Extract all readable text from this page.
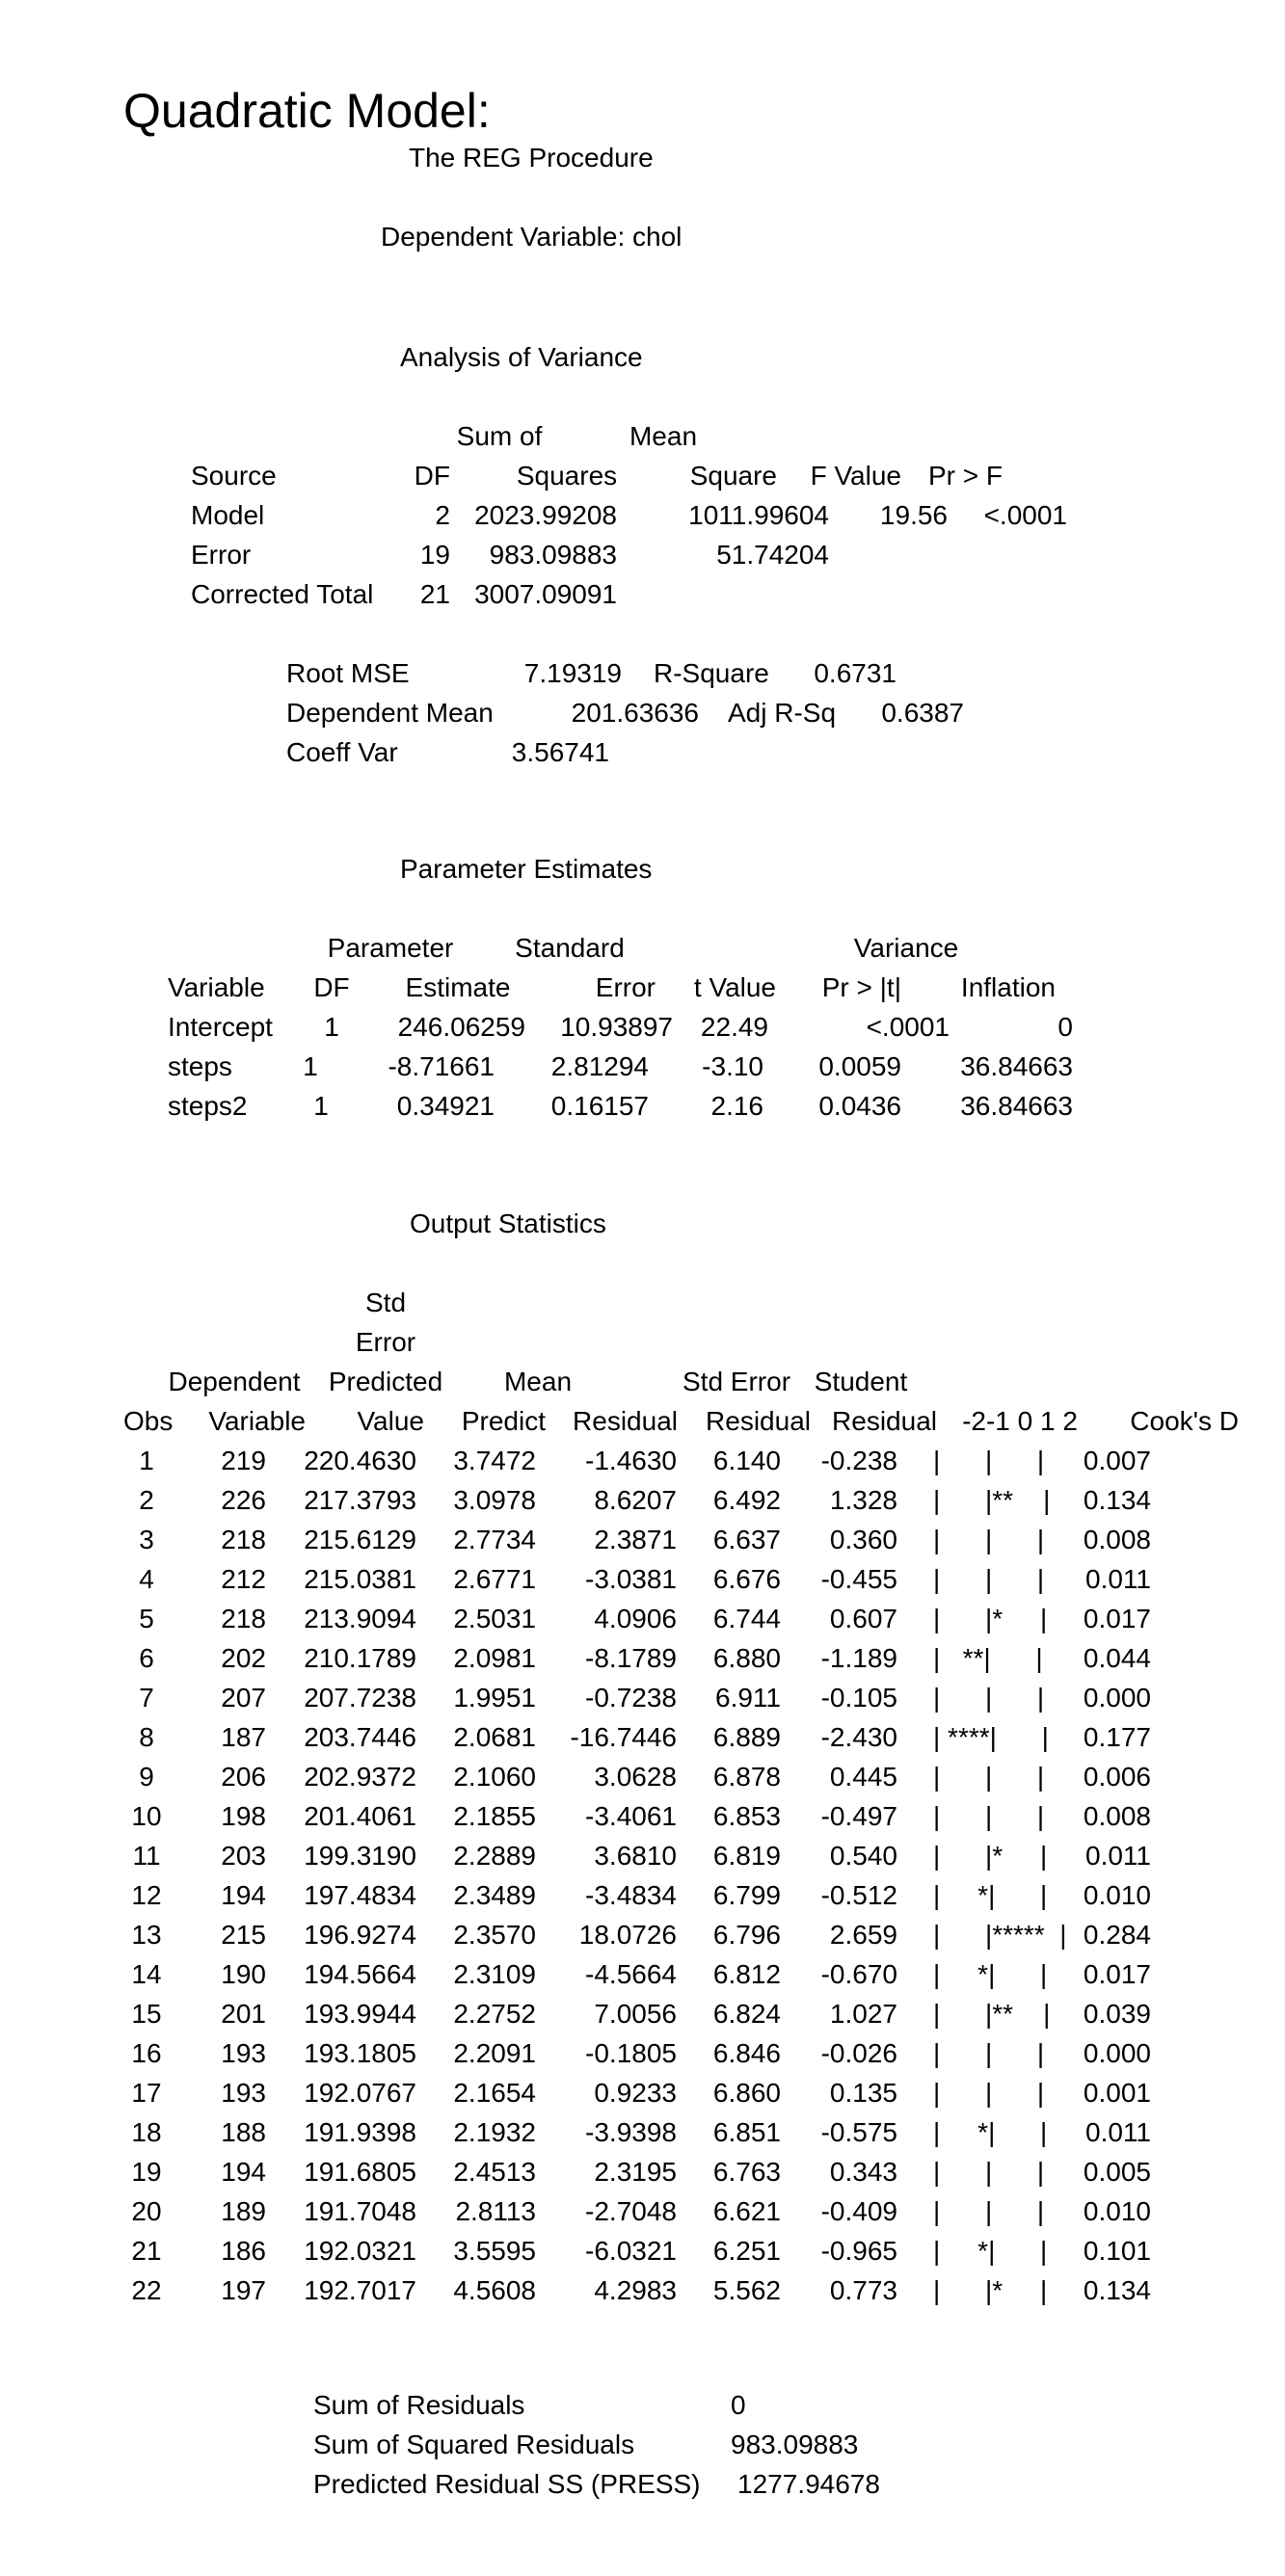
Quadratic Model:
The REG Procedure
Dependent Variable: chol
Analysis of Variance
Sum of	Mean
Source	DF Squares	Square F Value Pr > F
Model	2 2023.99208	1011.99604 19.56 <.0001
Error	19 983.09883	51.74204
Corrected Total 21 3007.09091
Root MSE	7.19319 R-Square 0.6731
Dependent Mean	201.63636 Adj R-Sq 0.6387
Coeff Var	3.56741
Parameter Estimates
Parameter Standard	Variance
Variable DF Estimate	Error t Value Pr > |t| Inflation
Intercept 1 246.06259 10.93897 22.49	<.0001	0
steps	1	-8.71661 2.81294 -3.10 0.0059 36.84663
steps2 1	0.34921 0.16157 2.16 0.0436 36.84663
Output Statistics
Std
Error
Dependent Predicted Mean	Std Error Student
Obs Variable Value Predict Residual Residual Residual -2-1 0 1 2 Cook's D
1 219 220.4630 3.7472 -1.4630 6.140 -0.238 |      |      | 0.007
2 226 217.3793 3.0978 8.6207 6.492 1.328 |      |**    | 0.134
3 218 215.6129 2.7734 2.3871 6.637 0.360 |      |      | 0.008
4 212 215.0381 2.6771 -3.0381 6.676 -0.455 |      |      | 0.011
5 218 213.9094 2.5031 4.0906 6.744 0.607 |      |*     | 0.017
6 202 210.1789 2.0981 -8.1789 6.880 -1.189 |   **|      | 0.044
7 207 207.7238 1.9951 -0.7238 6.911 -0.105 |      |      | 0.000
8 187 203.7446 2.0681 -16.7446 6.889 -2.430 | ****|      | 0.177
9 206 202.9372 2.1060 3.0628 6.878 0.445 |      |      | 0.006
10 198 201.4061 2.1855 -3.4061 6.853 -0.497 |      |      | 0.008
11 203 199.3190 2.2889 3.6810 6.819 0.540 |      |*     | 0.011
12 194 197.4834 2.3489 -3.4834 6.799 -0.512 |     *|      | 0.010
13 215 196.9274 2.3570 18.0726 6.796 2.659 |      |*****  | 0.284
14 190 194.5664 2.3109 -4.5664 6.812 -0.670 |     *|      | 0.017
15 201 193.9944 2.2752 7.0056 6.824 1.027 |      |**    | 0.039
16 193 193.1805 2.2091 -0.1805 6.846 -0.026 |      |      | 0.000
17 193 192.0767 2.1654 0.9233 6.860 0.135 |      |      | 0.001
18 188 191.9398 2.1932 -3.9398 6.851 -0.575 |     *|      | 0.011
19 194 191.6805 2.4513 2.3195 6.763 0.343 |      |      | 0.005
20 189 191.7048 2.8113 -2.7048 6.621 -0.409 |      |      | 0.010
21 186 192.0321 3.5595 -6.0321 6.251 -0.965 |     *|      | 0.101
22 197 192.7017 4.5608 4.2983 5.562 0.773 |      |*     | 0.134
Sum of Residuals	0
Sum of Squared Residuals	983.09883
Predicted Residual SS (PRESS) 1277.94678
